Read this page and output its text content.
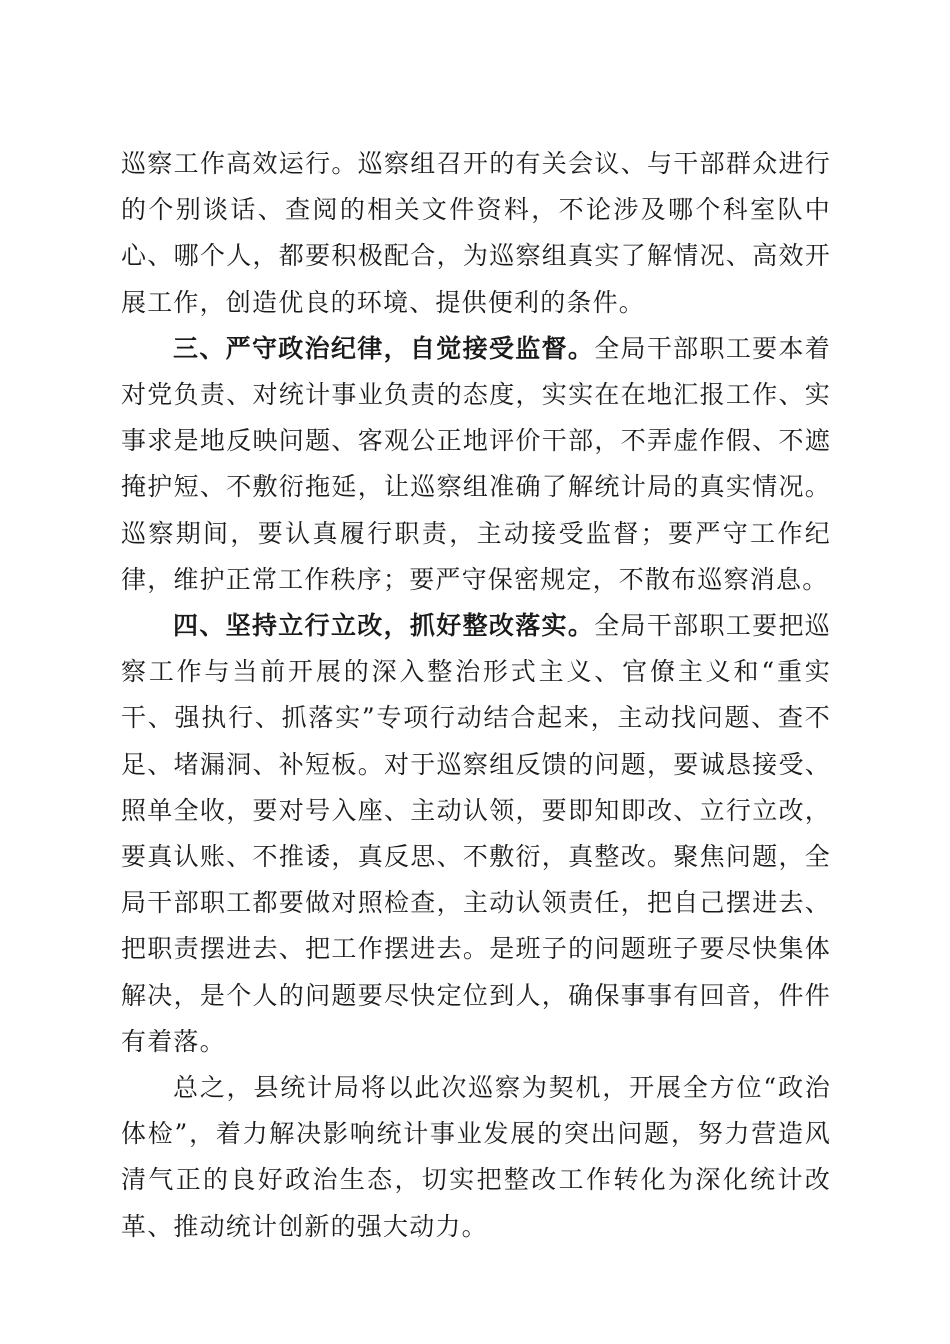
巡察工作高效运行。巡察组召开的有关会议、与干部群众进行的个别谈话、查阅的相关文件资料，不论涉及哪个科室队中心、哪个人，都要积极配合，为巡察组真实了解情况、高效开展工作，创造优良的环境、提供便利的条件。

三、严守政治纪律，自觉接受监督。全局干部职工要本着对党负责、对统计事业负责的态度，实实在在地汇报工作、实事求是地反映问题、客观公正地评价干部，不弄虚作假、不遮掩护短、不敷衍拖延，让巡察组准确了解统计局的真实情况。巡察期间，要认真履行职责，主动接受监督；要严守工作纪律，维护正常工作秩序；要严守保密规定，不散布巡察消息。

四、坚持立行立改，抓好整改落实。全局干部职工要把巡察工作与当前开展的深入整治形式主义、官僚主义和“重实干、强执行、抓落实”专项行动结合起来，主动找问题、查不足、堵漏洞、补短板。对于巡察组反馈的问题，要诚恳接受、照单全收，要对号入座、主动认领，要即知即改、立行立改，要真认账、不推诿，真反思、不敷衍，真整改。聚焦问题，全局干部职工都要做对照检查，主动认领责任，把自己摆进去、把职责摆进去、把工作摆进去。是班子的问题班子要尽快集体解决，是个人的问题要尽快定位到人，确保事事有回音，件件有着落。

总之，县统计局将以此次巡察为契机，开展全方位“政治体检”，着力解决影响统计事业发展的突出问题，努力营造风清气正的良好政治生态，切实把整改工作转化为深化统计改革、推动统计创新的强大动力。
